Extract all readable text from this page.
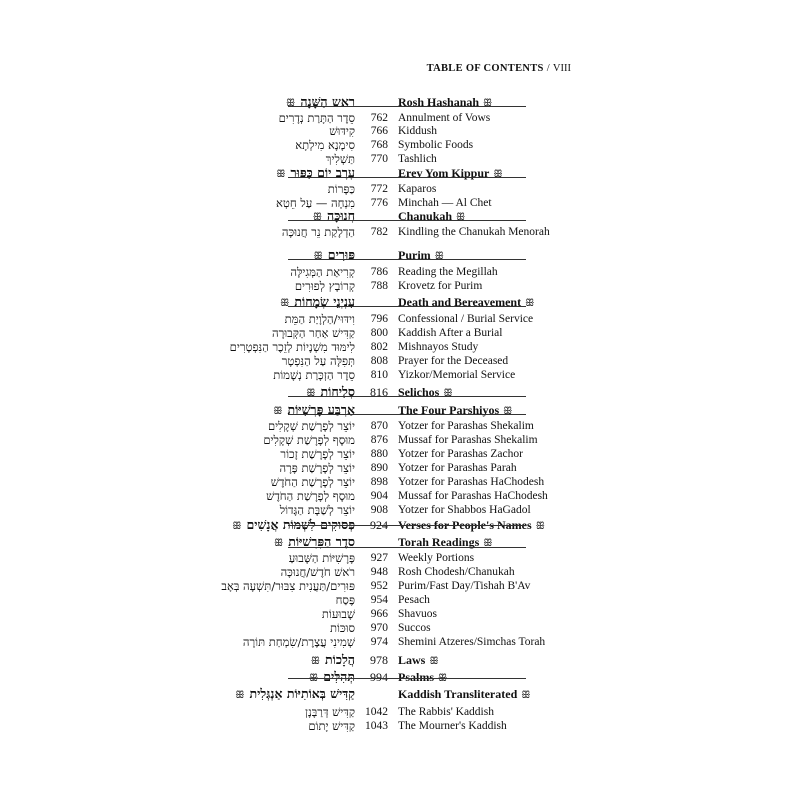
TABLE OF CONTENTS / VIII
ראש הַשָּׁנָהꕥ	Rosh Hashanah ꕥ
סֵדֶר הַתָּרַת נְדָרִים	762 Annulment of Vows
קִידּוּשׁ	766 Kiddush
סִימָנָא מִילְתָא	768 Symbolic Foods
תַּשְׁלִיךְ	770 Tashlich
עֶרֶב יוֹם כִּפּוּרꕥ	Erev Yom Kippur ꕥ
כַּפָּרוֹת	772 Kaparos
מִנְחָה — עַל חֵטְא	776 Minchah — Al Chet
חֲנוּכָּהꕥ	Chanukah ꕥ
הַדְלָקַת נֵר חֲנוּכָּה	782 Kindling the Chanukah Menorah
פּוּרִיםꕥ	Purim ꕥ
קְרִיאַת הַמְּגִילָּה	786 Reading the Megillah
קְרוֹבָץ לְפוּרִים	788 Krovetz for Purim
עִנְיְנֵי שְׂמָחוֹתꕥ	Death and Bereavement ꕥ
וִידּוּי/הַלְוָיַת הַמֵּת	796 Confessional / Burial Service
קַדִּישׁ אַחַר הַקְּבוּרָה	800 Kaddish After a Burial
לִימּוּד מִשְׁנָיוֹת לְזֵכֶר הַנִּפְטָרִים	802 Mishnayos Study
תְּפִלָּה עַל הַנִּפְטָר	808 Prayer for the Deceased
סֵדֶר הַזְכָּרַת נְשָׁמוֹת	810 Yizkor/Memorial Service
סְלִיחוֹתꕥ	816 Selichos ꕥ
אַרְבַּע פָּרְשִׁיּוֹתꕥ	The Four Parshiyos ꕥ
יוֹצֵר לְפָרָשַׁת שְׁקָלִים	870 Yotzer for Parashas Shekalim
מוּסָף לְפָרָשַׁת שְׁקָלִים	876 Mussaf for Parashas Shekalim
יוֹצֵר לְפָרָשַׁת זָכוֹר	880 Yotzer for Parashas Zachor
יוֹצֵר לְפָרָשַׁת פָּרָה	890 Yotzer for Parashas Parah
יוֹצֵר לְפָרָשַׁת הַחֹדֶשׁ	898 Yotzer for Parashas HaChodesh
מוּסָף לְפָרָשַׁת הַחֹדֶשׁ	904 Mussaf for Parashas HaChodesh
יוֹצֵר לְשַׁבָּת הַגָּדוֹל	908 Yotzer for Shabbos HaGadol
פְּסוּקִים לִשְׁמוֹת אֲנָשִׁיםꕥ	924 Verses for People's Names ꕥ
סֵדֶר הַפָּרָשִׁיּוֹתꕥ	Torah Readings ꕥ
פָּרָשִׁיּוֹת הַשָּׁבוּעַ	927 Weekly Portions
רֹאשׁ חֹדֶשׁ/חֲנוּכָּה	948 Rosh Chodesh/Chanukah
פּוּרִים/תַּעֲנִית צִבּוּר/תִּשְׁעָה בְּאָב	952 Purim/Fast Day/Tishah B'Av
פֶּסַח	954 Pesach
שָׁבוּעוֹת	966 Shavuos
סוּכּוֹת	970 Succos
שְׁמִינִי עֲצֶרֶת/שִׂמְחַת תּוֹרָה	974 Shemini Atzeres/Simchas Torah
הֲלָכוֹתꕥ	978 Laws ꕥ
תְּהִלִּיםꕥ	994 Psalms ꕥ
קַדִּישׁ בְּאוֹתִיּוֹת אַנְגְּלִיתꕥ	Kaddish Transliterated ꕥ
קַדִּישׁ דְּרַבָּנָן 1042 The Rabbis' Kaddish
קַדִּישׁ יָתוֹם 1043 The Mourner's Kaddish
